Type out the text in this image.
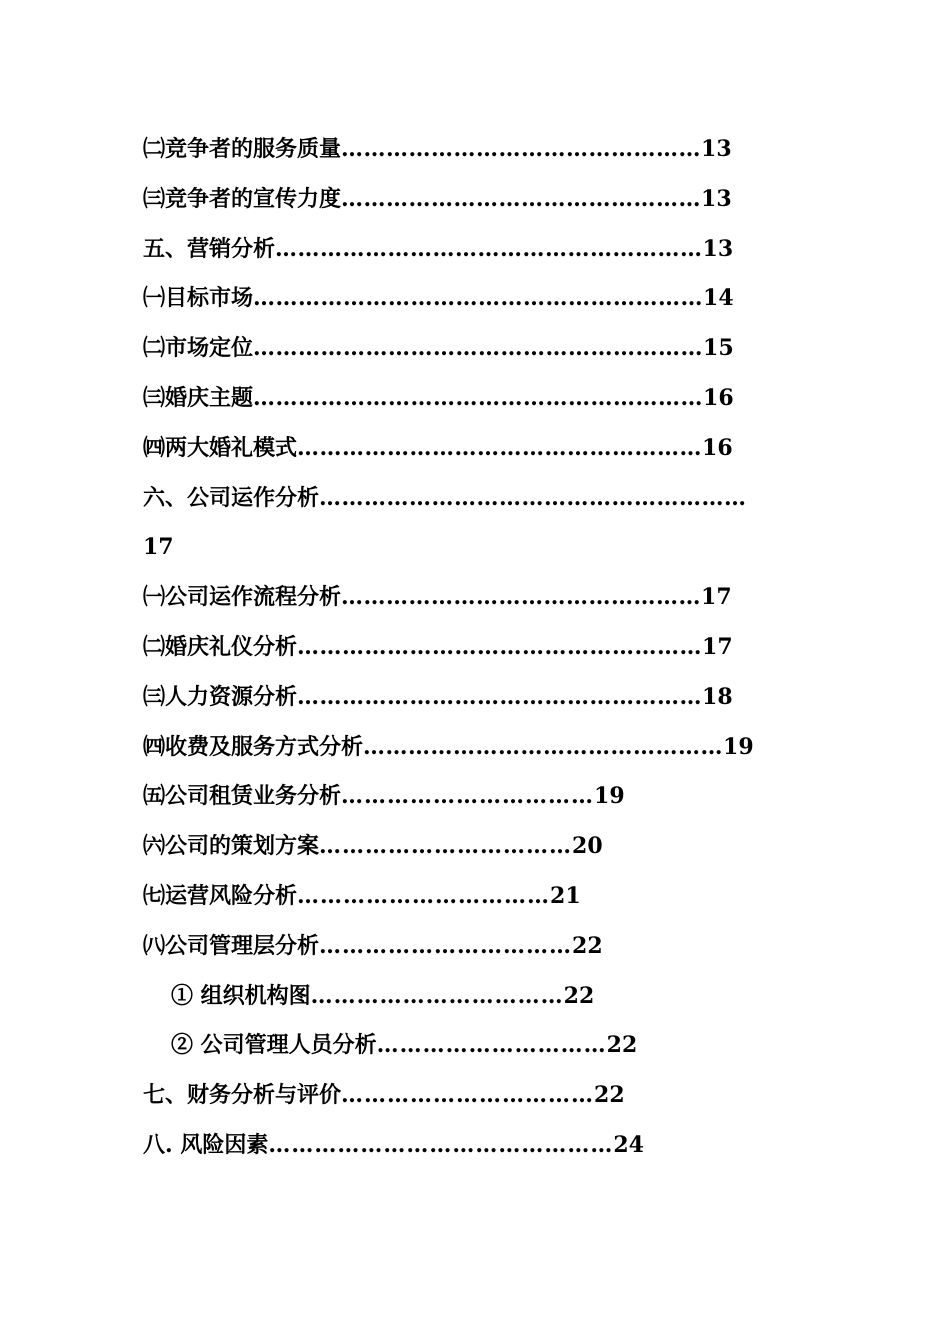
㈡竞争者的服务质量…………………………………………13
㈢竞争者的宣传力度…………………………………………13
五、营销分析…………………………………………………13
㈠目标市场……………………………………………………14
㈡市场定位……………………………………………………15
㈢婚庆主题……………………………………………………16
㈣两大婚礼模式………………………………………………16
六、公司运作分析…………………………………………………
17
㈠公司运作流程分析…………………………………………17
㈡婚庆礼仪分析………………………………………………17
㈢人力资源分析………………………………………………18
㈣收费及服务方式分析…………………………………………19
㈤公司租赁业务分析……………………………19
㈥公司的策划方案……………………………20
㈦运营风险分析……………………………21
㈧公司管理层分析……………………………22
① 组织机构图……………………………22
② 公司管理人员分析…………………………22
七、财务分析与评价……………………………22
八. 风险因素………………………………………24
